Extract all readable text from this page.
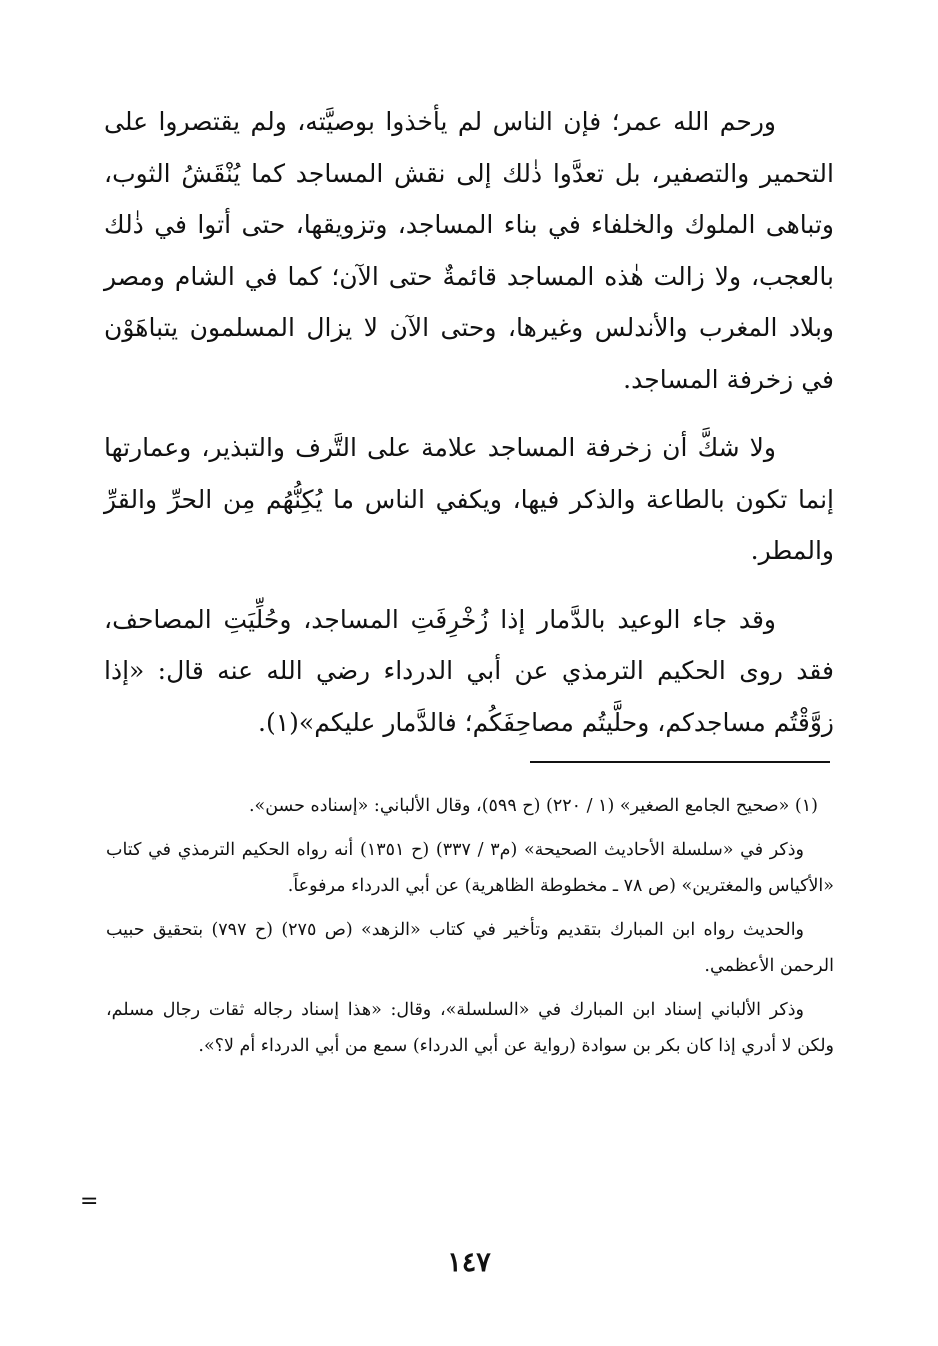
ورحم الله عمر؛ فإن الناس لم يأخذوا بوصيَّته، ولم يقتصروا على التحمير والتصفير، بل تعدَّوا ذٰلك إلى نقش المساجد كما يُنْقَشُ الثوب، وتباهى الملوك والخلفاء في بناء المساجد، وتزويقها، حتى أتوا في ذٰلك بالعجب، ولا زالت هٰذه المساجد قائمةٌ حتى الآن؛ كما في الشام ومصر وبلاد المغرب والأندلس وغيرها، وحتى الآن لا يزال المسلمون يتباهَوْن في زخرفة المساجد.

ولا شكَّ أن زخرفة المساجد علامة على التَّرف والتبذير، وعمارتها إنما تكون بالطاعة والذكر فيها، ويكفي الناس ما يُكِنُّهُم مِن الحرِّ والقرِّ والمطر.

وقد جاء الوعيد بالدَّمار إذا زُخْرِفَتِ المساجد، وحُلِّيَتِ المصاحف، فقد روى الحكيم الترمذي عن أبي الدرداء رضي الله عنه قال: «إذا زوَّقْتُم مساجدكم، وحلَّيتُم مصاحِفَكُم؛ فالدَّمار عليكم»(١).

(١) «صحيح الجامع الصغير» (١ / ٢٢٠) (ح ٥٩٩)، وقال الألباني: «إسناده حسن».

وذكر في «سلسلة الأحاديث الصحيحة» (م٣ / ٣٣٧) (ح ١٣٥١) أنه رواه الحكيم الترمذي في كتاب «الأكياس والمغترين» (ص ٧٨ ـ مخطوطة الظاهرية) عن أبي الدرداء مرفوعاً.

والحديث رواه ابن المبارك بتقديم وتأخير في كتاب «الزهد» (ص ٢٧٥) (ح ٧٩٧) بتحقيق حبيب الرحمن الأعظمي.

وذكر الألباني إسناد ابن المبارك في «السلسلة»، وقال: «هذا إسناد رجاله ثقات رجال مسلم، ولكن لا أدري إذا كان بكر بن سوادة (رواية عن أبي الدرداء) سمع من أبي الدرداء أم لا؟».

=
١٤٧
